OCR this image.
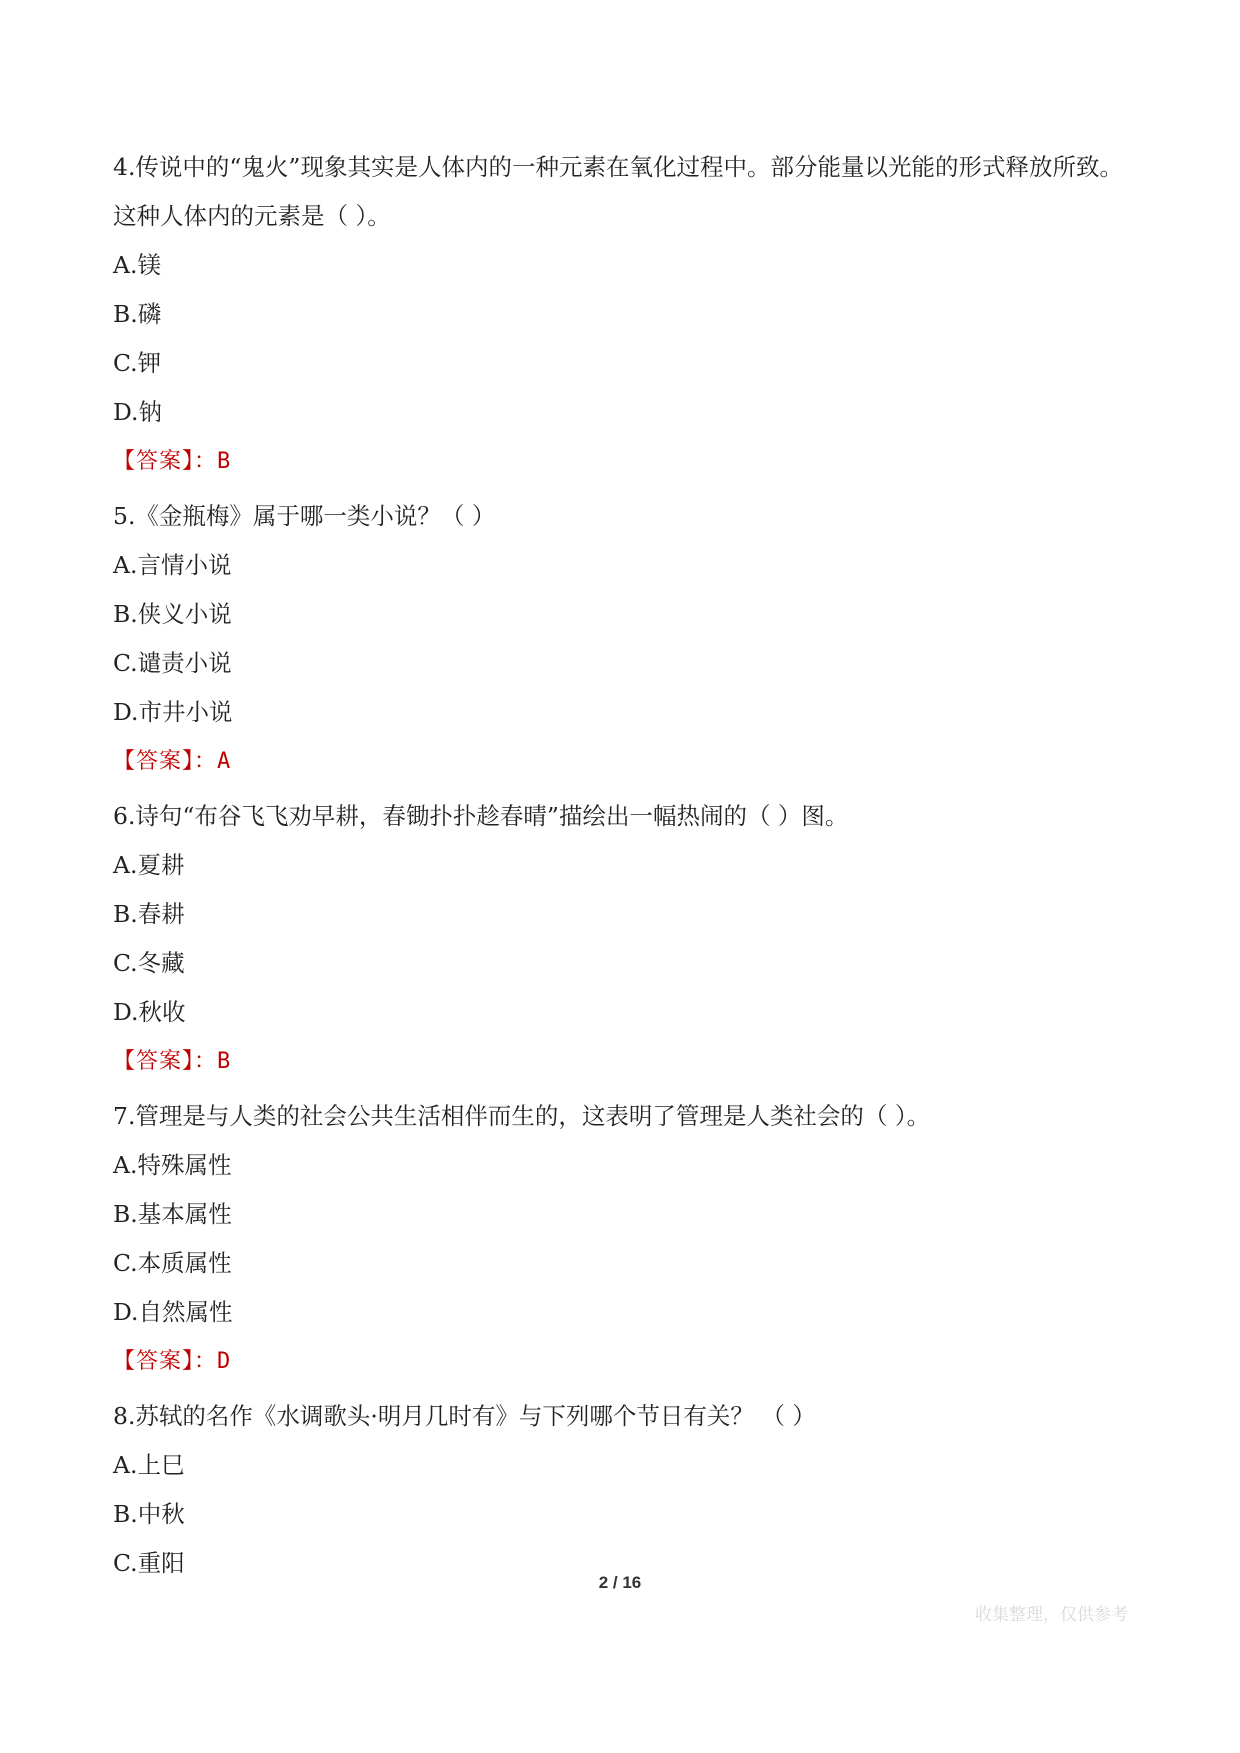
4.传说中的“鬼火”现象其实是人体内的一种元素在氧化过程中。部分能量以光能的形式释放所致。这种人体内的元素是（ ）。

A.镁

B.磷

C.钾

D.钠

【答案】：B

5.《金瓶梅》属于哪一类小说？（ ）

A.言情小说

B.侠义小说

C.谴责小说

D.市井小说

【答案】：A

6.诗句“布谷飞飞劝早耕，春锄扑扑趁春晴”描绘出一幅热闹的（ ）图。

A.夏耕

B.春耕

C.冬藏

D.秋收

【答案】：B

7.管理是与人类的社会公共生活相伴而生的，这表明了管理是人类社会的（ ）。

A.特殊属性

B.基本属性

C.本质属性

D.自然属性

【答案】：D

8.苏轼的名作《水调歌头·明月几时有》与下列哪个节日有关？ （ ）

A.上巳

B.中秋

C.重阳

2 / 16
收集整理，仅供参考
